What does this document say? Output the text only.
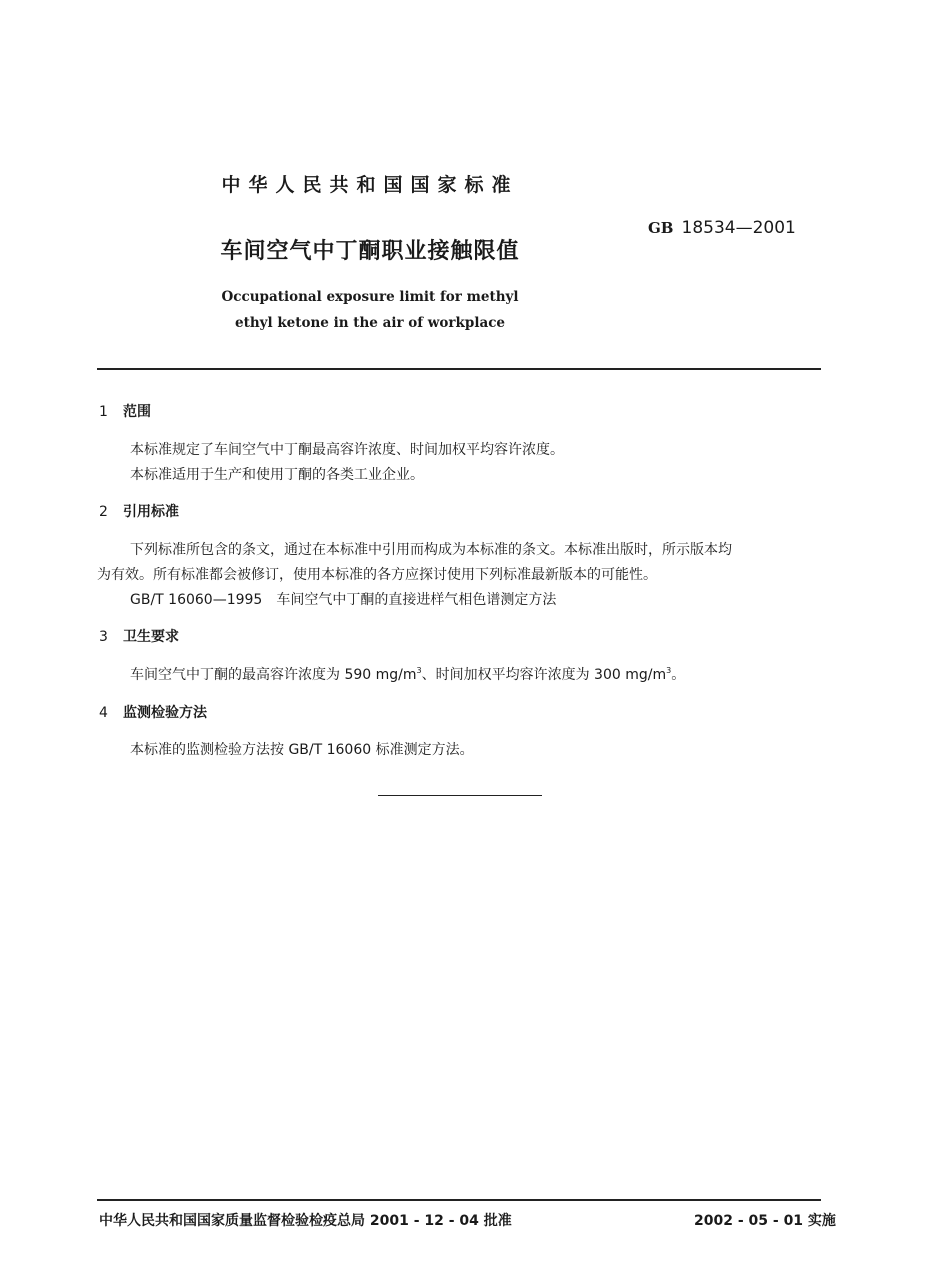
中华人民共和国国家标准
GB 18534—2001
车间空气中丁酮职业接触限值
Occupational exposure limit for methyl
ethyl ketone in the air of workplace
1 范围
本标准规定了车间空气中丁酮最高容许浓度、时间加权平均容许浓度。
本标准适用于生产和使用丁酮的各类工业企业。
2 引用标准
下列标准所包含的条文，通过在本标准中引用而构成为本标准的条文。本标准出版时，所示版本均
为有效。所有标准都会被修订，使用本标准的各方应探讨使用下列标准最新版本的可能性。
GB/T 16060—1995　车间空气中丁酮的直接进样气相色谱测定方法
3 卫生要求
车间空气中丁酮的最高容许浓度为 590 $mg/m^3$、时间加权平均容许浓度为 300 $mg/m^3$。
4 监测检验方法
本标准的监测检验方法按 GB/T 16060 标准测定方法。
中华人民共和国国家质量监督检验检疫总局 2001 - 12 - 04 批准	2002 - 05 - 01 实施
